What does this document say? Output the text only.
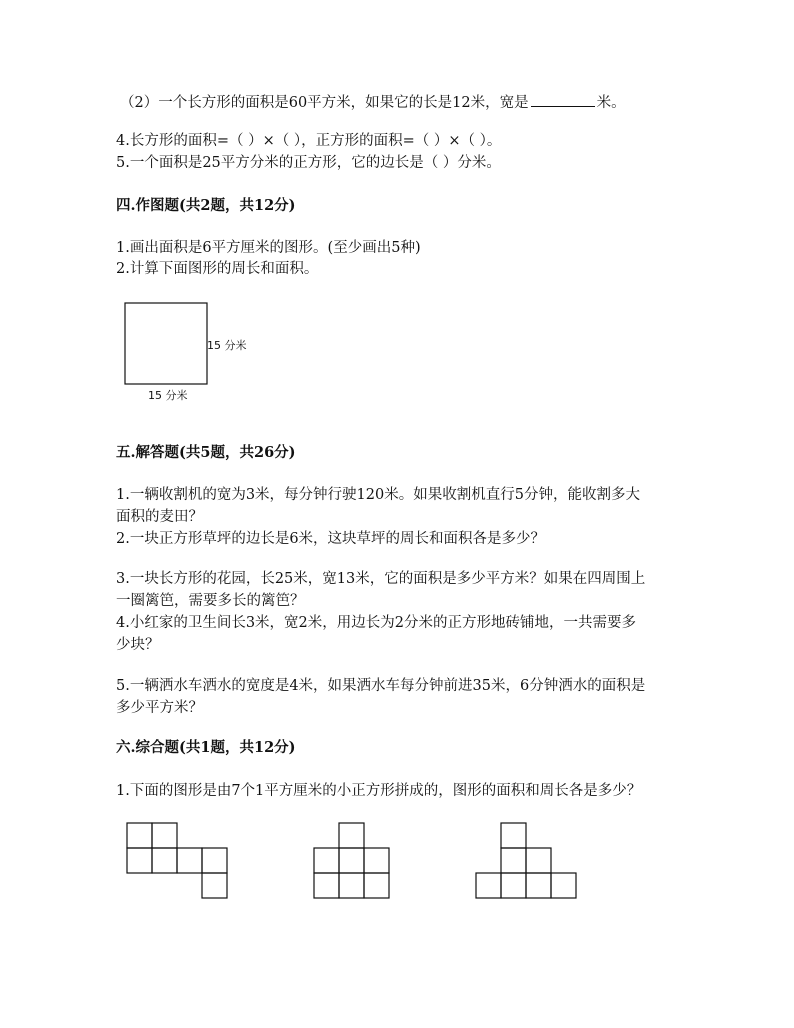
（2）一个长方形的面积是60平方米，如果它的长是12米，宽是	米。
4.长方形的面积=（ ）×（ ），正方形的面积=（ ）×（ ）。
5.一个面积是25平方分米的正方形，它的边长是（ ）分米。
四.作图题(共2题，共12分)
1.画出面积是6平方厘米的图形。(至少画出5种)
2.计算下面图形的周长和面积。
15 分米
15 分米
五.解答题(共5题，共26分)
1.一辆收割机的宽为3米，每分钟行驶120米。如果收割机直行5分钟，能收割多大
面积的麦田？
2.一块正方形草坪的边长是6米，这块草坪的周长和面积各是多少？
3.一块长方形的花园，长25米，宽13米，它的面积是多少平方米？如果在四周围上
一圈篱笆，需要多长的篱笆？
4.小红家的卫生间长3米，宽2米，用边长为2分米的正方形地砖铺地，一共需要多
少块？
5.一辆洒水车洒水的宽度是4米，如果洒水车每分钟前进35米，6分钟洒水的面积是
多少平方米？
六.综合题(共1题，共12分)
1.下面的图形是由7个1平方厘米的小正方形拼成的，图形的面积和周长各是多少？
